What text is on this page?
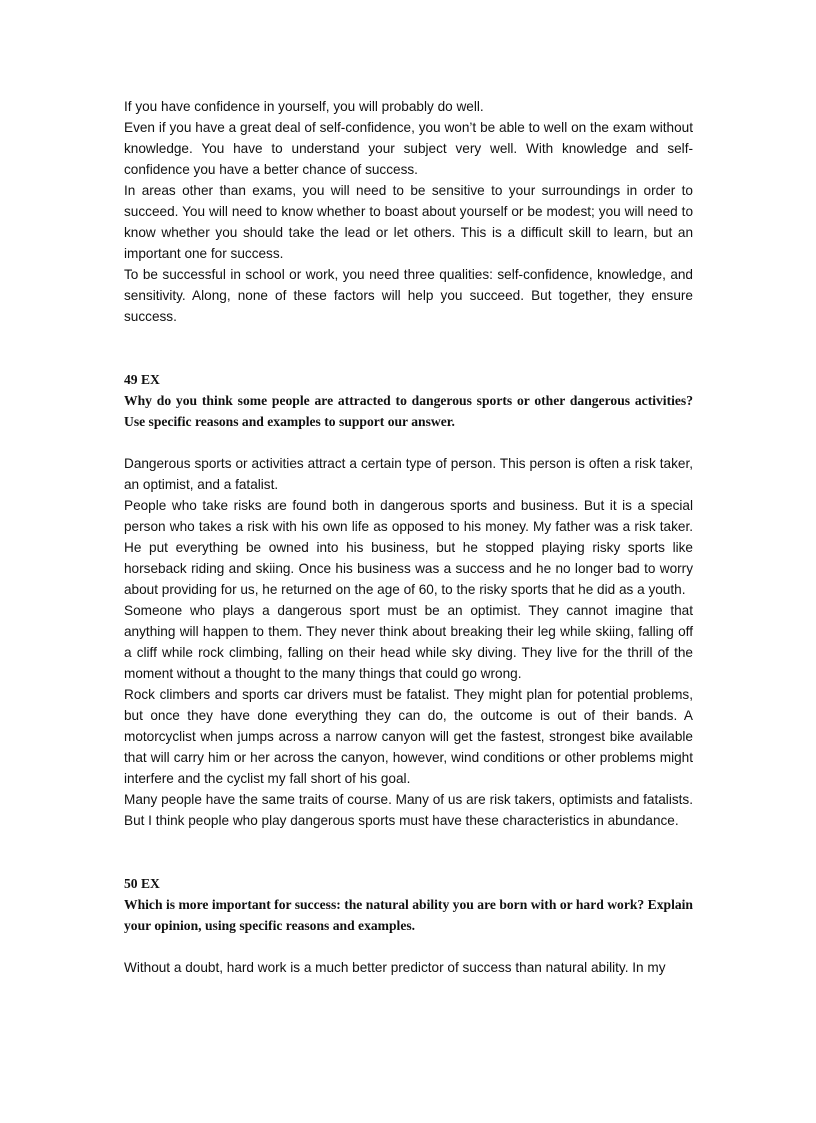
If you have confidence in yourself, you will probably do well.

Even if you have a great deal of self-confidence, you won’t be able to well on the exam without knowledge. You have to understand your subject very well. With knowledge and self-confidence you have a better chance of success.

In areas other than exams, you will need to be sensitive to your surroundings in order to succeed. You will need to know whether to boast about yourself or be modest; you will need to know whether you should take the lead or let others. This is a difficult skill to learn, but an important one for success.

To be successful in school or work, you need three qualities: self-confidence, knowledge, and sensitivity. Along, none of these factors will help you succeed. But together, they ensure success.

49 EX

Why do you think some people are attracted to dangerous sports or other dangerous activities? Use specific reasons and examples to support our answer.

Dangerous sports or activities attract a certain type of person. This person is often a risk taker, an optimist, and a fatalist.

People who take risks are found both in dangerous sports and business. But it is a special person who takes a risk with his own life as opposed to his money. My father was a risk taker. He put everything be owned into his business, but he stopped playing risky sports like horseback riding and skiing. Once his business was a success and he no longer bad to worry about providing for us, he returned on the age of 60, to the risky sports that he did as a youth.

Someone who plays a dangerous sport must be an optimist. They cannot imagine that anything will happen to them. They never think about breaking their leg while skiing, falling off a cliff while rock climbing, falling on their head while sky diving. They live for the thrill of the moment without a thought to the many things that could go wrong.

Rock climbers and sports car drivers must be fatalist. They might plan for potential problems, but once they have done everything they can do, the outcome is out of their bands. A motorcyclist when jumps across a narrow canyon will get the fastest, strongest bike available that will carry him or her across the canyon, however, wind conditions or other problems might interfere and the cyclist my fall short of his goal.

Many people have the same traits of course. Many of us are risk takers, optimists and fatalists. But I think people who play dangerous sports must have these characteristics in abundance.

50 EX

Which is more important for success: the natural ability you are born with or hard work? Explain your opinion, using specific reasons and examples.

Without a doubt, hard work is a much better predictor of success than natural ability. In my
